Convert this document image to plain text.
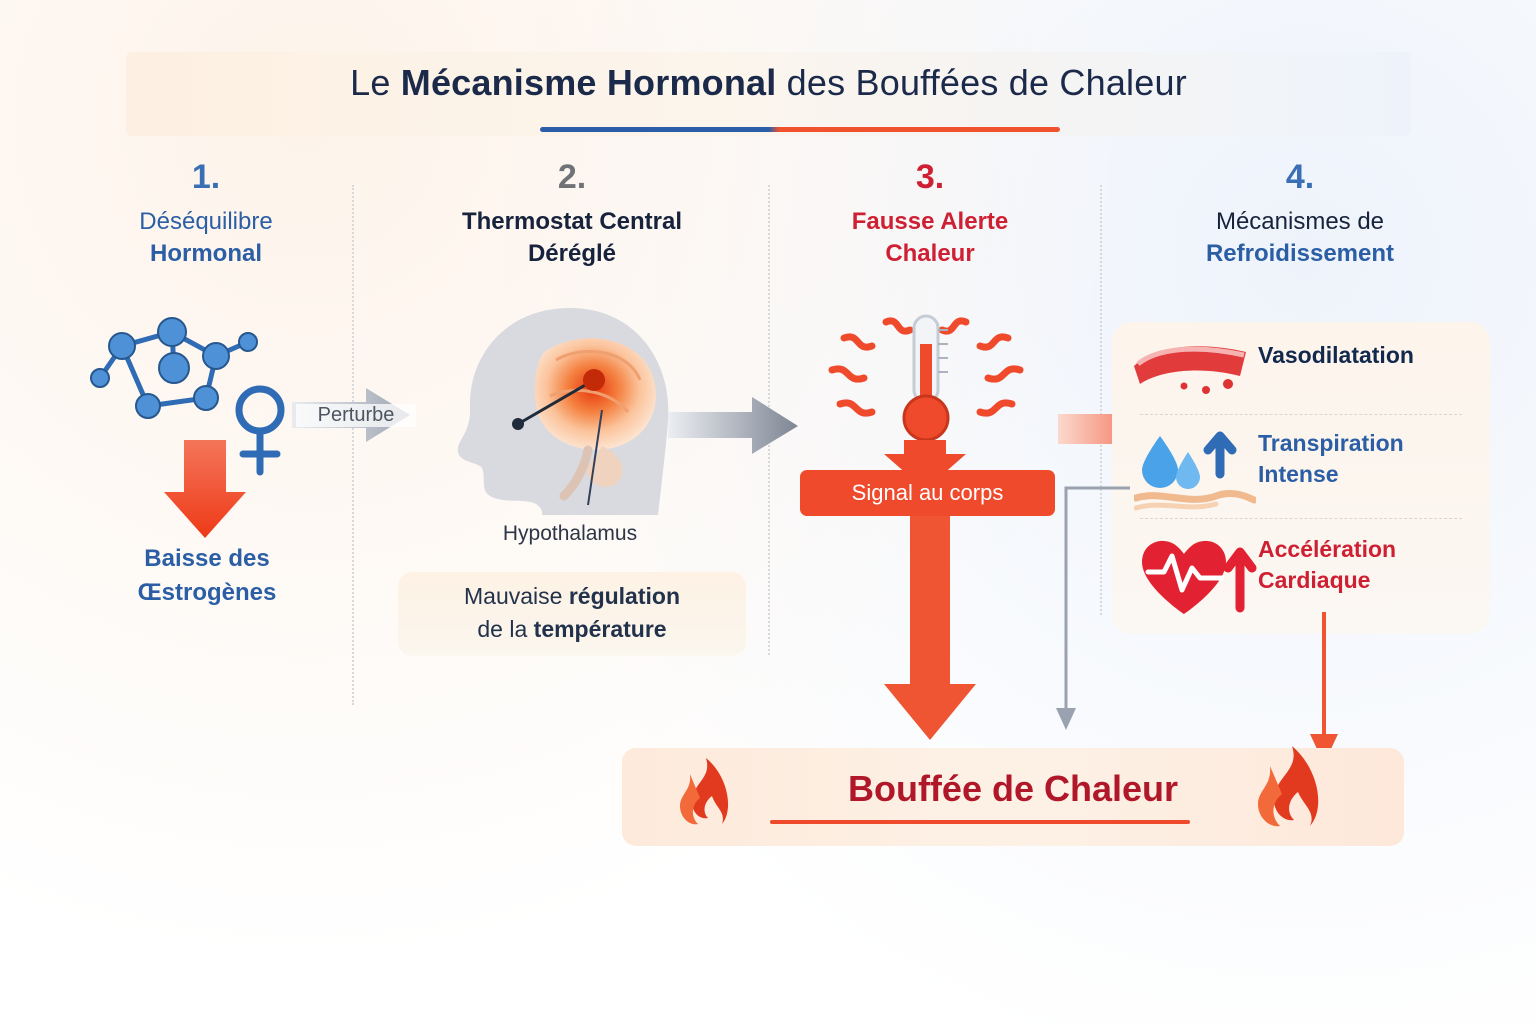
Le Mécanisme Hormonal des Bouffées de Chaleur
1.
Déséquilibre
Hormonal
Baisse des
Œstrogènes
Perturbe
2.
Thermostat Central
Déréglé
Hypothalamus
Mauvaise régulation
de la température
3.
Fausse Alerte
Chaleur
Signal au corps
4.
Mécanismes de
Refroidissement
Vasodilatation
Transpiration
Intense
Accélération
Cardiaque
Bouffée de Chaleur
